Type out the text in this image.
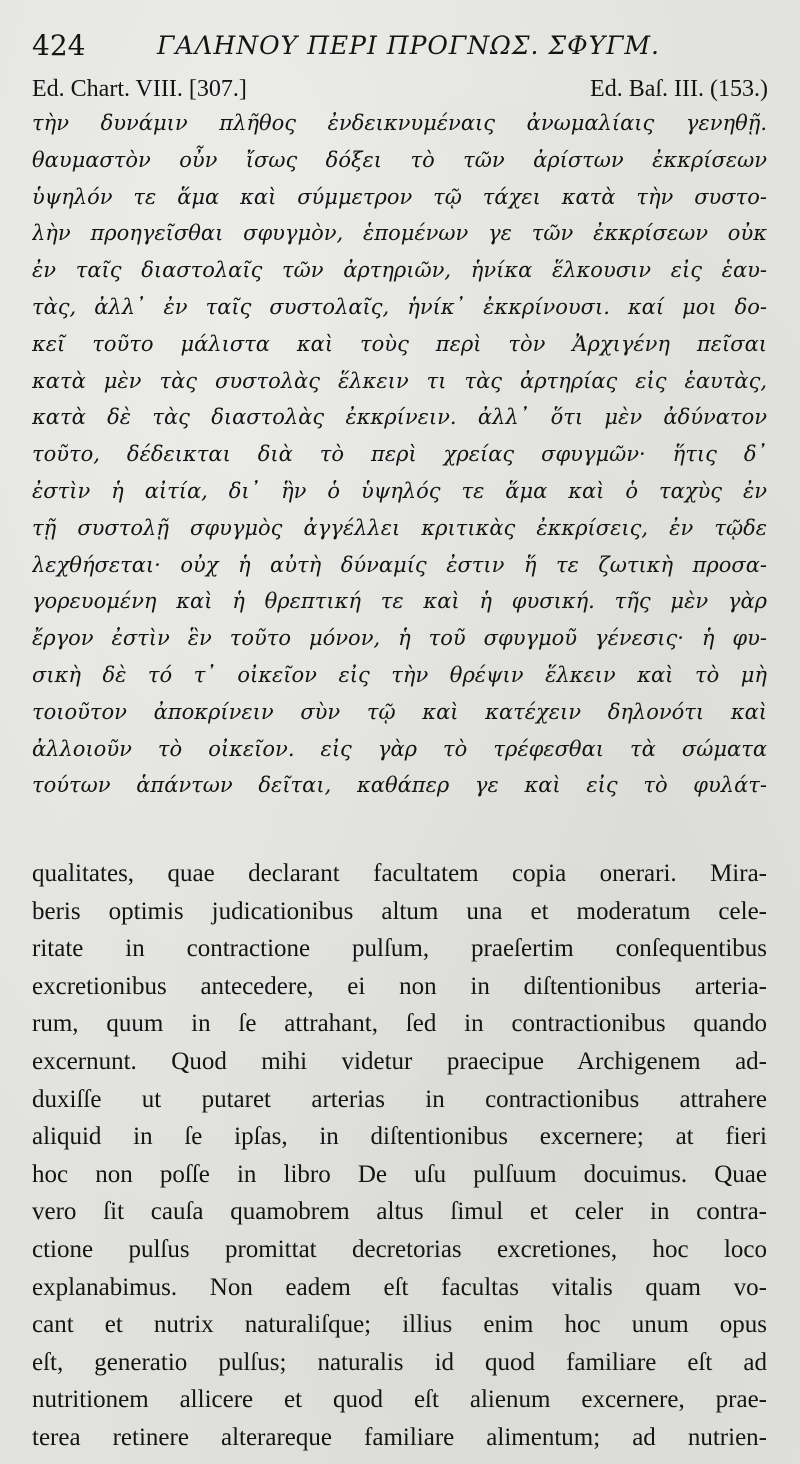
424	ΓΑΛΗΝΟΥ ΠΕΡΙ ΠΡΟΓΝΩΣ. ΣΦΥΓΜ.
Ed. Chart. VIII. [307.]	Ed. Baſ. III. (153.)
τὴν δυνάμιν πλῆθος ἐνδεικνυμέναις ἀνωμαλίαις γενηθῇ.
θαυμαστὸν οὖν ἴσως δόξει τὸ τῶν ἀρίστων ἐκκρίσεων
ὑψηλόν τε ἅμα καὶ σύμμετρον τῷ τάχει κατὰ τὴν συστο-
λὴν προηγεῖσθαι σφυγμὸν, ἑπομένων γε τῶν ἐκκρίσεων οὐκ
ἐν ταῖς διαστολαῖς τῶν ἀρτηριῶν, ἡνίκα ἕλκουσιν εἰς ἑαυ-
τὰς, ἀλλ᾽ ἐν ταῖς συστολαῖς, ἡνίκ᾽ ἐκκρίνουσι. καί μοι δο-
κεῖ τοῦτο μάλιστα καὶ τοὺς περὶ τὸν Ἀρχιγένη πεῖσαι
κατὰ μὲν τὰς συστολὰς ἕλκειν τι τὰς ἀρτηρίας εἰς ἑαυτὰς,
κατὰ δὲ τὰς διαστολὰς ἐκκρίνειν. ἀλλ᾽ ὅτι μὲν ἀδύνατον
τοῦτο, δέδεικται διὰ τὸ περὶ χρείας σφυγμῶν· ἥτις δ᾽
ἐστὶν ἡ αἰτία, δι᾽ ἣν ὁ ὑψηλός τε ἅμα καὶ ὁ ταχὺς ἐν
τῇ συστολῇ σφυγμὸς ἀγγέλλει κριτικὰς ἐκκρίσεις, ἐν τῷδε
λεχθήσεται· οὐχ ἡ αὐτὴ δύναμίς ἐστιν ἥ τε ζωτικὴ προσα-
γορευομένη καὶ ἡ θρεπτική τε καὶ ἡ φυσική. τῆς μὲν γὰρ
ἔργον ἐστὶν ἓν τοῦτο μόνον, ἡ τοῦ σφυγμοῦ γένεσις· ἡ φυ-
σικὴ δὲ τό τ᾽ οἰκεῖον εἰς τὴν θρέψιν ἕλκειν καὶ τὸ μὴ
τοιοῦτον ἀποκρίνειν σὺν τῷ καὶ κατέχειν δηλονότι καὶ
ἀλλοιοῦν τὸ οἰκεῖον. εἰς γὰρ τὸ τρέφεσθαι τὰ σώματα
τούτων ἁπάντων δεῖται, καθάπερ γε καὶ εἰς τὸ φυλάτ-
qualitates, quae declarant facultatem copia onerari. Mira-
beris optimis judicationibus altum una et moderatum cele-
ritate in contractione pulſum, praeſertim conſequentibus
excretionibus antecedere, ei non in diſtentionibus arteria-
rum, quum in ſe attrahant, ſed in contractionibus quando
excernunt. Quod mihi videtur praecipue Archigenem ad-
duxiſſe ut putaret arterias in contractionibus attrahere
aliquid in ſe ipſas, in diſtentionibus excernere; at fieri
hoc non poſſe in libro De uſu pulſuum docuimus. Quae
vero ſit cauſa quamobrem altus ſimul et celer in contra-
ctione pulſus promittat decretorias excretiones, hoc loco
explanabimus. Non eadem eſt facultas vitalis quam vo-
cant et nutrix naturaliſque; illius enim hoc unum opus
eſt, generatio pulſus; naturalis id quod familiare eſt ad
nutritionem allicere et quod eſt alienum excernere, prae-
terea retinere alterareque familiare alimentum; ad nutrien-
